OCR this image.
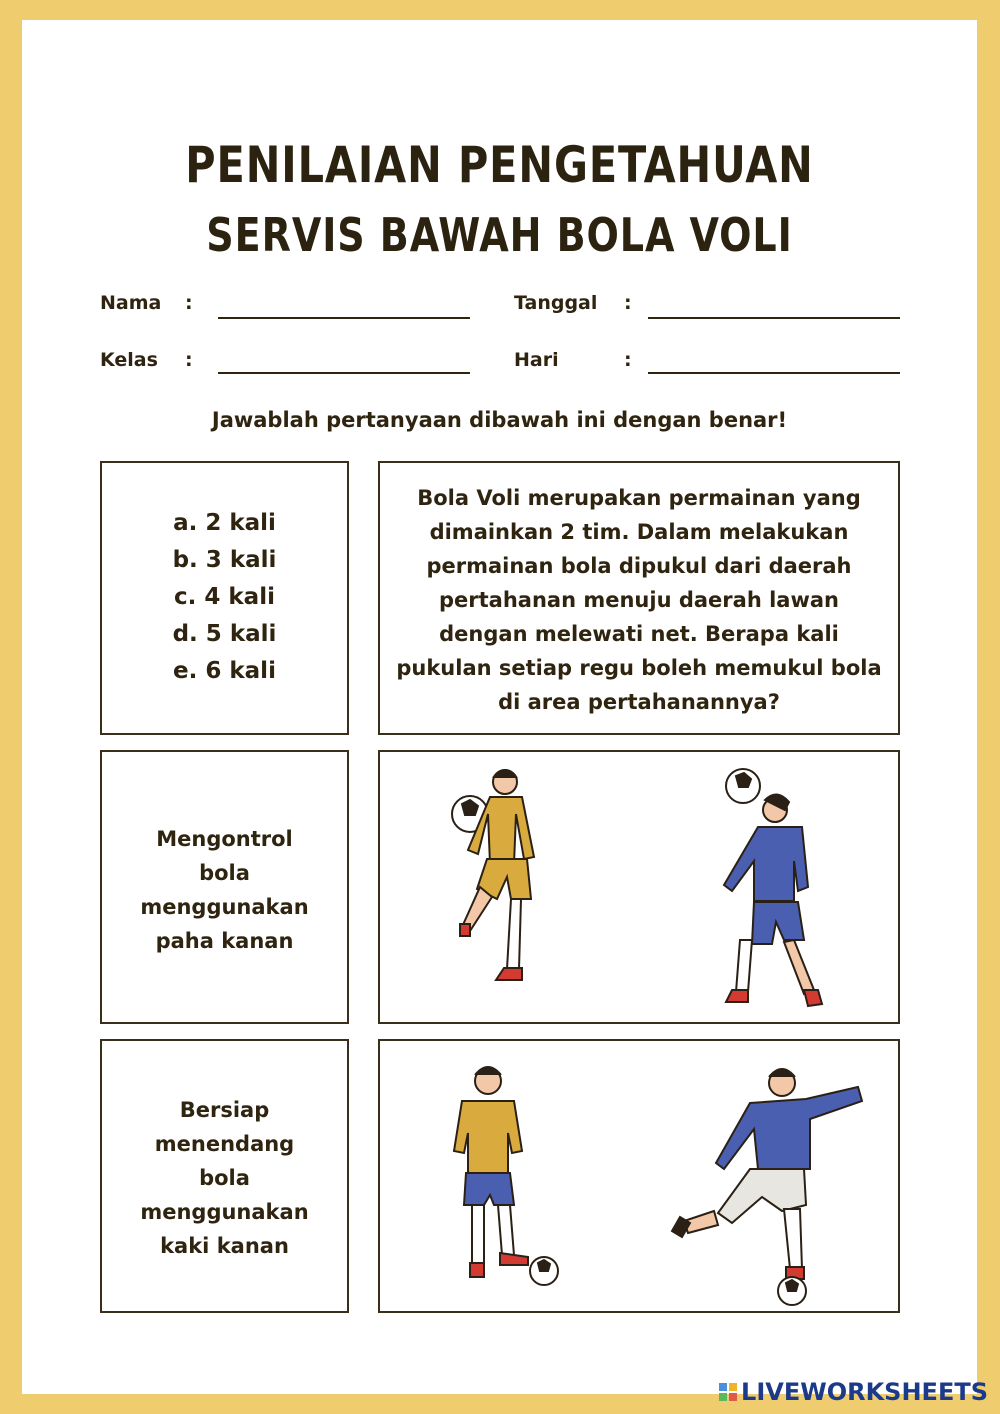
PENILAIAN PENGETAHUAN
SERVIS BAWAH BOLA VOLI
Nama :	Tanggal :
Kelas :	Hari	:
Jawablah pertanyaan dibawah ini dengan benar!
a. 2 kali
b. 3 kali
c. 4 kali
d. 5 kali
e. 6 kali
Bola Voli merupakan permainan yang
dimainkan 2 tim. Dalam melakukan
permainan bola dipukul dari daerah
pertahanan menuju daerah lawan
dengan melewati net. Berapa kali
pukulan setiap regu boleh memukul bola
di area pertahanannya?
Mengontrol
bola
menggunakan
paha kanan
Bersiap
menendang
bola
menggunakan
kaki kanan
LIVEWORKSHEETS
